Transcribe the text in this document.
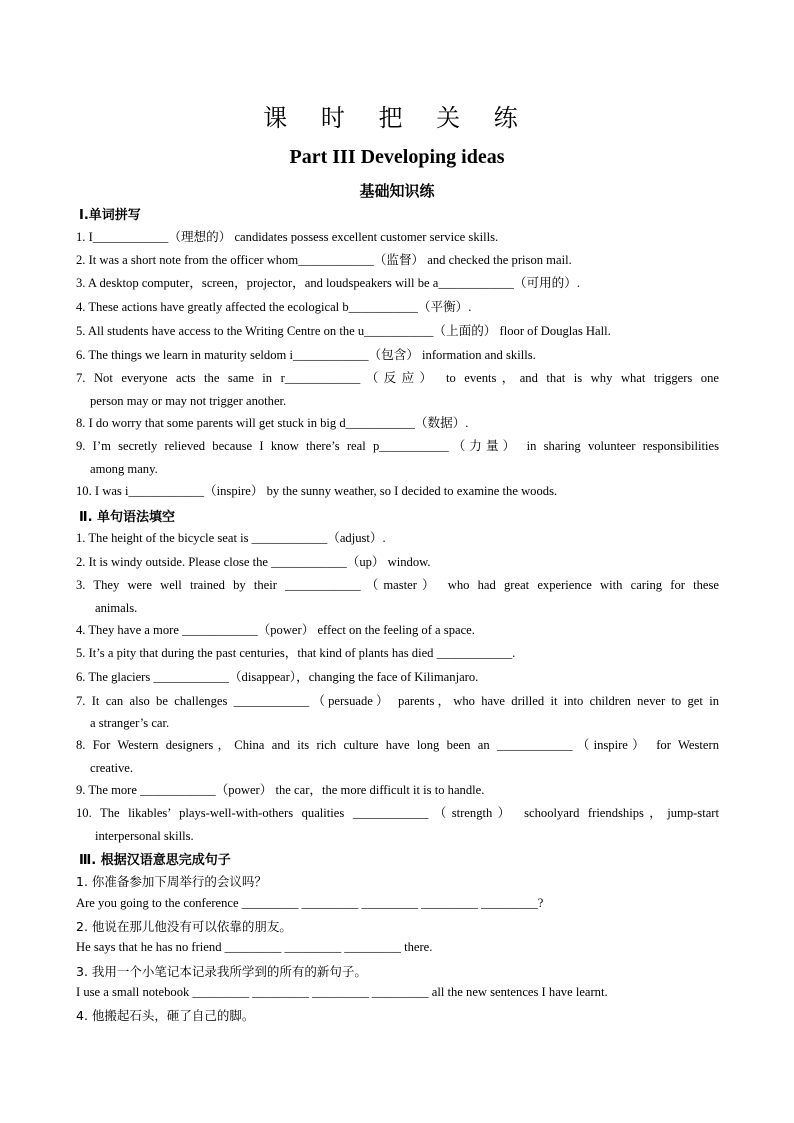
课 时 把 关 练
Part III Developing ideas
基础知识练
Ⅰ.单词拼写
1. I____________（理想的） candidates possess excellent customer service skills.
2. It was a short note from the officer whom____________（监督） and checked the prison mail.
3. A desktop computer，screen，projector，and loudspeakers will be a____________（可用的）.
4. These actions have greatly affected the ecological b___________（平衡）.
5. All students have access to the Writing Centre on the u___________（上面的） floor of Douglas Hall.
6. The things we learn in maturity seldom i____________（包含） information and skills.
7. Not everyone acts the same in r____________（反应） to events，and that is why what triggers one
person may or may not trigger another.
8. I do worry that some parents will get stuck in big d___________（数据）.
9. I’m secretly relieved because I know there’s real p___________（力量） in sharing volunteer responsibilities
among many.
10. I was i____________（inspire） by the sunny weather, so I decided to examine the woods.
Ⅱ. 单句语法填空
1. The height of the bicycle seat is ____________（adjust）.
2. It is windy outside. Please close the ____________（up） window.
3. They were well trained by their ____________（master） who had great experience with caring for these
animals.
4. They have a more ____________（power） effect on the feeling of a space.
5. It’s a pity that during the past centuries，that kind of plants has died ____________.
6. The glaciers ____________（disappear），changing the face of Kilimanjaro.
7. It can also be challenges ____________（persuade） parents，who have drilled it into children never to get in
a stranger’s car.
8. For Western designers，China and its rich culture have long been an ____________（inspire） for Western
creative.
9. The more ____________（power） the car，the more difficult it is to handle.
10. The likables’ plays-well-with-others qualities ____________（strength） schoolyard friendships，jump-start
interpersonal skills.
Ⅲ. 根据汉语意思完成句子
1. 你准备参加下周举行的会议吗？
Are you going to the conference _________ _________ _________ _________ _________?
2. 他说在那儿他没有可以依靠的朋友。
He says that he has no friend _________ _________ _________ there.
3. 我用一个小笔记本记录我所学到的所有的新句子。
I use a small notebook _________ _________ _________ _________ all the new sentences I have learnt.
4. 他搬起石头，砸了自己的脚。
